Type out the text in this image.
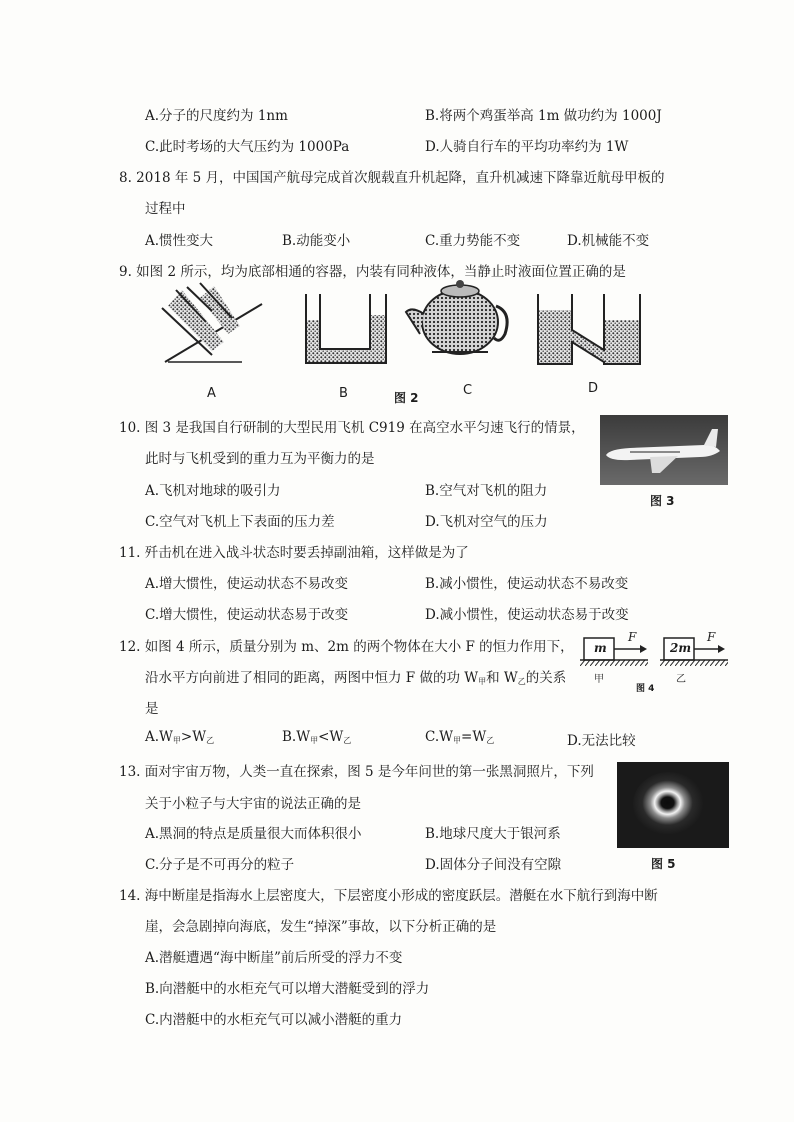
A.分子的尺度约为 1nm	B.将两个鸡蛋举高 1m 做功约为 1000J
C.此时考场的大气压约为 1000Pa	D.人骑自行车的平均功率约为 1W
8. 2018 年 5 月，中国国产航母完成首次舰载直升机起降，直升机减速下降靠近航母甲板的
过程中
A.惯性变大	B.动能变小	C.重力势能不变	D.机械能不变
9. 如图 2 所示，均为底部相通的容器，内装有同种液体，当静止时液面位置正确的是
A	B	图 2	C	D
10. 图 3 是我国自行研制的大型民用飞机 C919 在高空水平匀速飞行的情景，
此时与飞机受到的重力互为平衡力的是
A.飞机对地球的吸引力	B.空气对飞机的阻力
C.空气对飞机上下表面的压力差	D.飞机对空气的压力
图 3
11. 歼击机在进入战斗状态时要丢掉副油箱，这样做是为了
A.增大惯性，使运动状态不易改变	B.减小惯性，使运动状态不易改变
C.增大惯性，使运动状态易于改变	D.减小惯性，使运动状态易于改变
12. 如图 4 所示，质量分别为 m、2m 的两个物体在大小 F 的恒力作用下，
沿水平方向前进了相同的距离，两图中恒力 F 做的功 $W_甲$和 $W_乙$的关系
是
$A.W_甲>W_乙$	$B.W_甲<W_乙$	$C.W_甲=W_乙$	D.无法比较
m	2m
F	F
甲
图 4
乙
13. 面对宇宙万物，人类一直在探索，图 5 是今年问世的第一张黑洞照片，下列
关于小粒子与大宇宙的说法正确的是
A.黑洞的特点是质量很大而体积很小	B.地球尺度大于银河系
C.分子是不可再分的粒子	D.固体分子间没有空隙	图 5
14. 海中断崖是指海水上层密度大，下层密度小形成的密度跃层。潜艇在水下航行到海中断
崖，会急剧掉向海底，发生“掉深”事故，以下分析正确的是
A.潜艇遭遇“海中断崖”前后所受的浮力不变
B.向潜艇中的水柜充气可以增大潜艇受到的浮力
C.内潜艇中的水柜充气可以减小潜艇的重力
